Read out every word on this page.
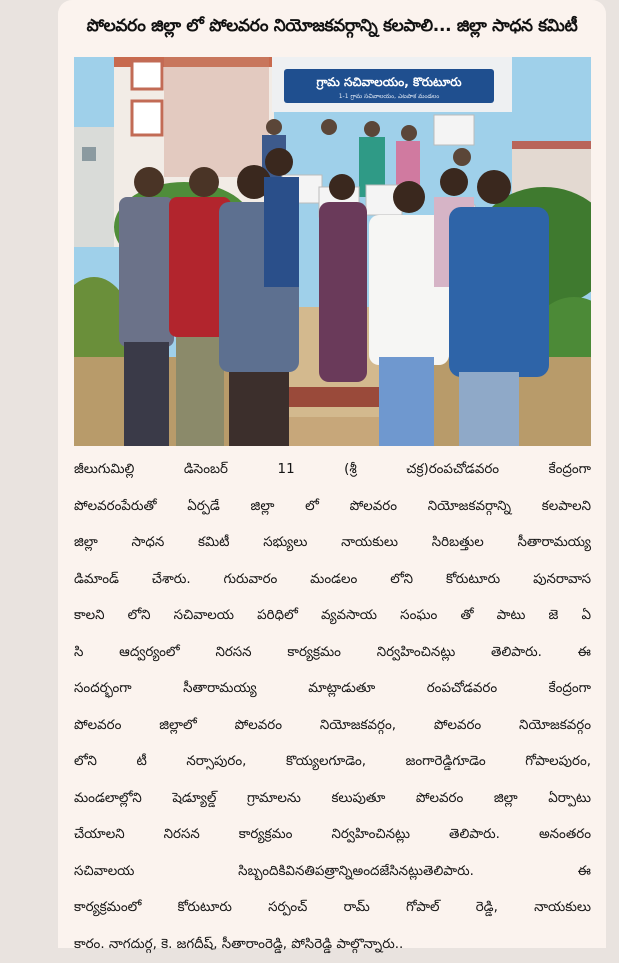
పోలవరం జిల్లా లో పోలవరం నియోజకవర్గాన్ని కలపాలి... జిల్లా సాధన కమిటీ
గ్రామ సచివాలయం, కొరుటూరు
1-1 గ్రామ సచివాలయం, ఎటపాక మండలం
జీలుగుమిల్లి డిసెంబర్ 11 (శ్రీ చక్ర)రంపచోడవరం కేంద్రంగా
పోలవరంపేరుతో ఏర్పడే జిల్లా లో పోలవరం నియోజకవర్గాన్ని కలపాలని
జిల్లా సాధన కమిటీ సభ్యులు నాయకులు సిరిబత్తుల సీతారామయ్య
డిమాండ్ చేశారు. గురువారం మండలం లోని కోరుటూరు పునరావాస
కాలని లోని సచివాలయ పరిధిలో వ్యవసాయ సంఘం తో పాటు జె ఏ
సి ఆద్వర్యంలో నిరసన కార్యక్రమం నిర్వహించినట్లు తెలిపారు. ఈ
సందర్భంగా సీతారామయ్య మాట్లాడుతూ రంపచోడవరం కేంద్రంగా
పోలవరం జిల్లాలో పోలవరం నియోజకవర్గం, పోలవరం నియోజకవర్గం
లోని టీ నర్సాపురం, కొయ్యలగూడెం, జంగారెడ్డిగూడెం గోపాలపురం,
మండలాల్లోని షెడ్యూల్డ్ గ్రామాలను కలుపుతూ పోలవరం జిల్లా ఏర్పాటు
చేయాలని నిరసన కార్యక్రమం నిర్వహించినట్లు తెలిపారు. అనంతరం
సచివాలయ సిబ్బందికివినతిపత్రాన్నిఅందజేసినట్లుతెలిపారు. ఈ
కార్యక్రమంలో కోరుటూరు సర్పంచ్ రామ్ గోపాల్ రెడ్డి, నాయకులు
కారం. నాగదుర్గ, కె. జగదీష్, సీతారాంరెడ్డి, పోసిరెడ్డి పాల్గొన్నారు..
